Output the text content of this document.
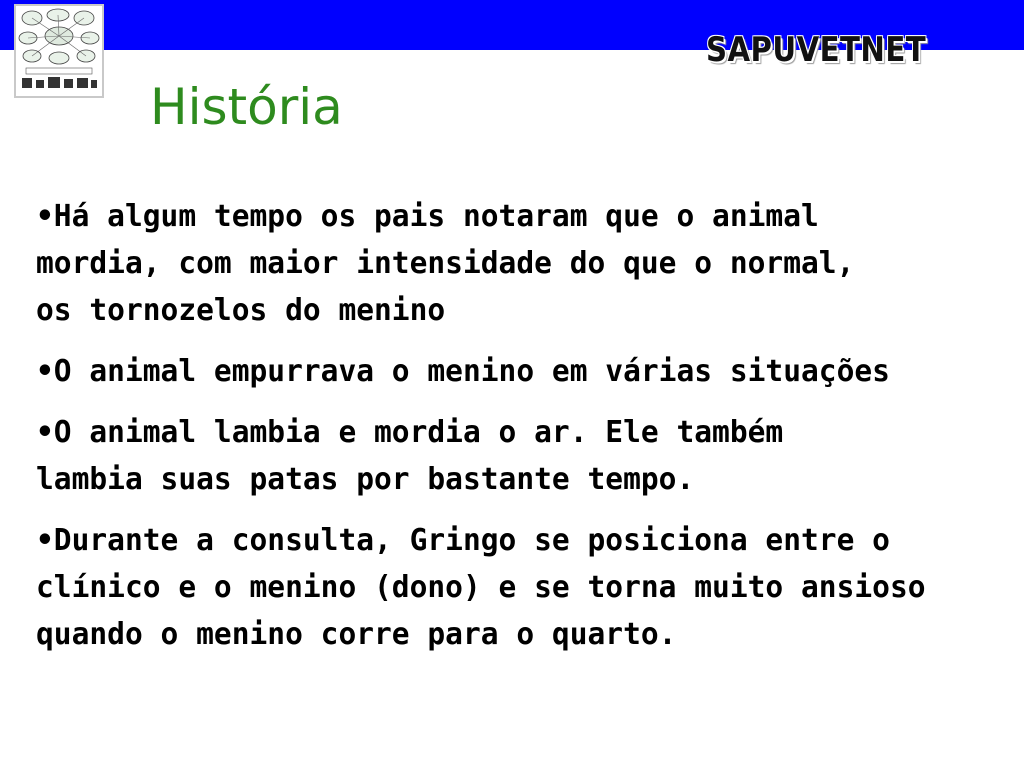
SAPUVETNET
História

•Há algum tempo os pais notaram que o animal
mordia, com maior intensidade do que o normal,
os tornozelos do menino

•O animal empurrava o menino em várias situações

•O animal lambia e mordia o ar. Ele também
lambia suas patas por bastante tempo.

•Durante a consulta, Gringo se posiciona entre o
clínico e o menino (dono) e se torna muito ansioso
quando o menino corre para o quarto.
